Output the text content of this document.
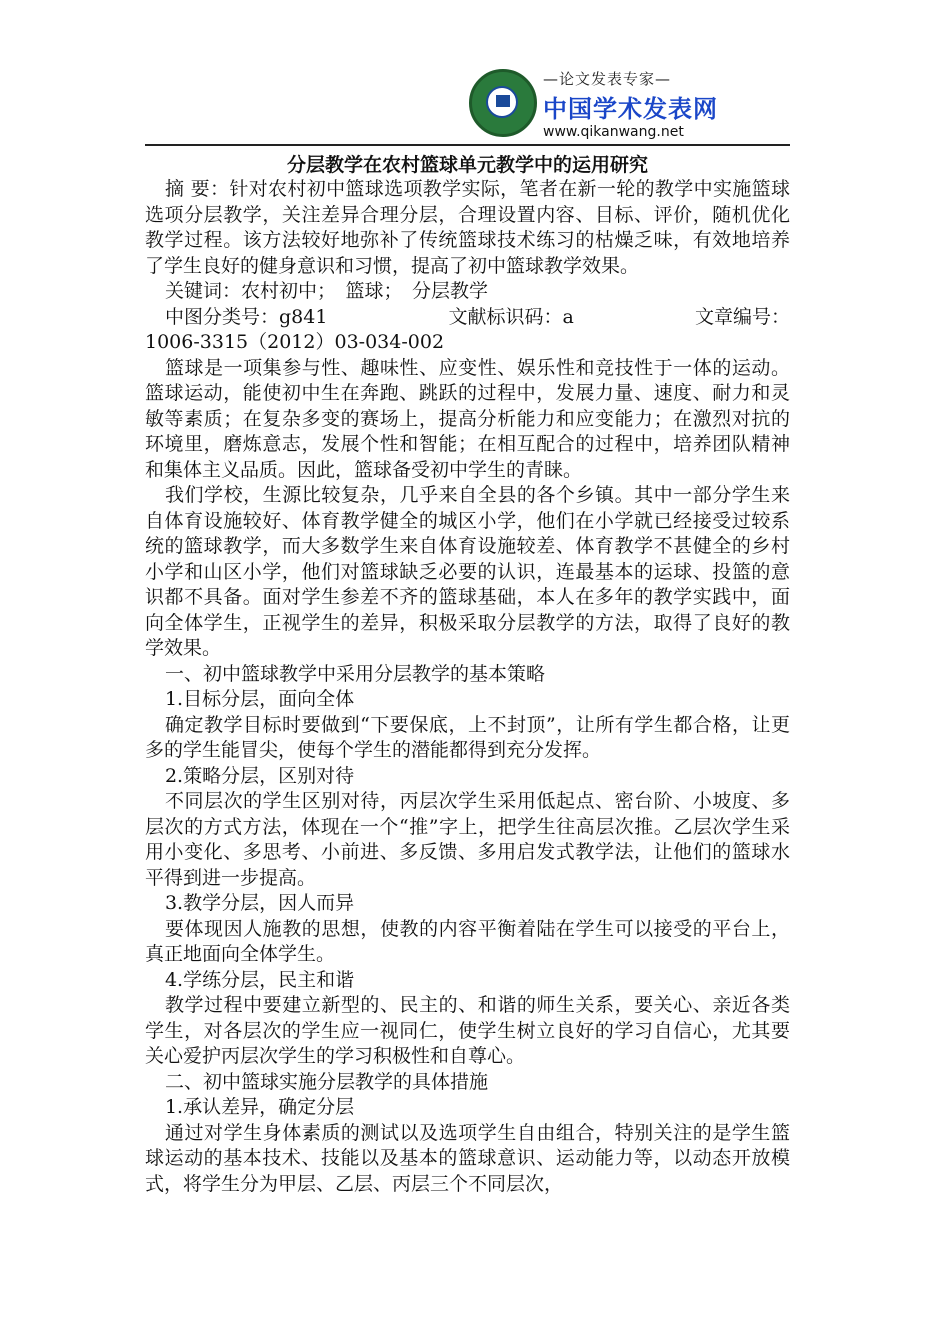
—论文发表专家—
中国学术发表网
www.qikanwang.net
分层教学在农村篮球单元教学中的运用研究

摘 要：针对农村初中篮球选项教学实际，笔者在新一轮的教学中实施篮球选项分层教学，关注差异合理分层，合理设置内容、目标、评价，随机优化教学过程。该方法较好地弥补了传统篮球技术练习的枯燥乏味，有效地培养了学生良好的健身意识和习惯，提高了初中篮球教学效果。

关键词：农村初中；　篮球；　分层教学

中图分类号：g841	文献标识码：a	文章编号：

1006-3315（2012）03-034-002

篮球是一项集参与性、趣味性、应变性、娱乐性和竞技性于一体的运动。篮球运动，能使初中生在奔跑、跳跃的过程中，发展力量、速度、耐力和灵敏等素质；在复杂多变的赛场上，提高分析能力和应变能力；在激烈对抗的环境里，磨炼意志，发展个性和智能；在相互配合的过程中，培养团队精神和集体主义品质。因此，篮球备受初中学生的青睐。

我们学校，生源比较复杂，几乎来自全县的各个乡镇。其中一部分学生来自体育设施较好、体育教学健全的城区小学，他们在小学就已经接受过较系统的篮球教学，而大多数学生来自体育设施较差、体育教学不甚健全的乡村小学和山区小学，他们对篮球缺乏必要的认识，连最基本的运球、投篮的意识都不具备。面对学生参差不齐的篮球基础，本人在多年的教学实践中，面向全体学生，正视学生的差异，积极采取分层教学的方法，取得了良好的教学效果。

一、初中篮球教学中采用分层教学的基本策略

1.目标分层，面向全体

确定教学目标时要做到“下要保底，上不封顶”，让所有学生都合格，让更多的学生能冒尖，使每个学生的潜能都得到充分发挥。

2.策略分层，区别对待

不同层次的学生区别对待，丙层次学生采用低起点、密台阶、小坡度、多层次的方式方法，体现在一个“推”字上，把学生往高层次推。乙层次学生采用小变化、多思考、小前进、多反馈、多用启发式教学法，让他们的篮球水平得到进一步提高。

3.教学分层，因人而异

要体现因人施教的思想，使教的内容平衡着陆在学生可以接受的平台上，真正地面向全体学生。

4.学练分层，民主和谐

教学过程中要建立新型的、民主的、和谐的师生关系，要关心、亲近各类学生，对各层次的学生应一视同仁，使学生树立良好的学习自信心，尤其要关心爱护丙层次学生的学习积极性和自尊心。

二、初中篮球实施分层教学的具体措施

1.承认差异，确定分层

通过对学生身体素质的测试以及选项学生自由组合，特别关注的是学生篮球运动的基本技术、技能以及基本的篮球意识、运动能力等，以动态开放模式，将学生分为甲层、乙层、丙层三个不同层次，
